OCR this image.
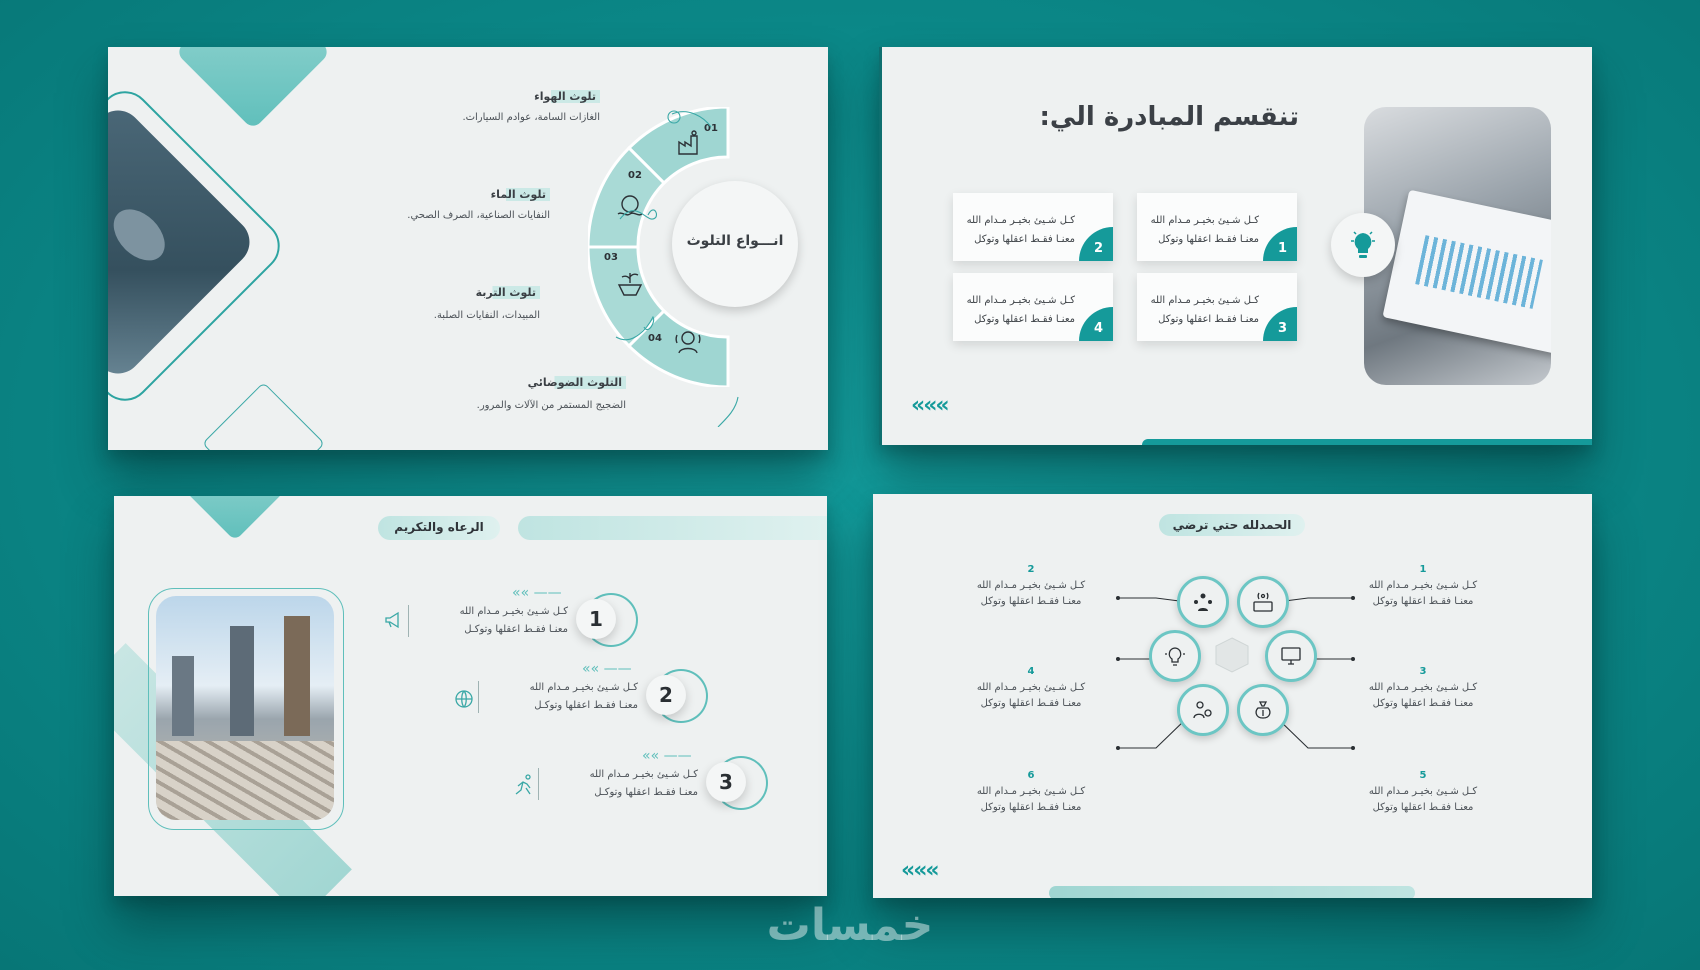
انـــواع التلوث
01
02
03
04
تلوث الهواء
الغازات السامة، عوادم السيارات.
تلوث الماء
النفايات الصناعية، الصرف الصحي.
تلوث التربة
المبيدات، النفايات الصلبة.
التلوث الضوضائي
الضجيج المستمر من الآلات والمرور.
تنقسم المبادرة الي:
كـل شـيئ بخيـر مـدام الله
معنـا فقـط اعقلها وتوكل
1
كـل شـيئ بخيـر مـدام الله
معنـا فقـط اعقلها وتوكل
2
كـل شـيئ بخيـر مـدام الله
معنـا فقـط اعقلها وتوكل
3
كـل شـيئ بخيـر مـدام الله
معنـا فقـط اعقلها وتوكل
4
«««
الرعاه والتكريم
1
«« ——
كـل شـيئ بخيـر مـدام الله
معنـا فقـط اعقلها وتوكـل
2
«« ——
كـل شـيئ بخيـر مـدام الله
معنـا فقـط اعقلها وتوكـل
3
«« ——
كـل شـيئ بخيـر مـدام الله
معنـا فقـط اعقلها وتوكـل
الحمدلله حتي ترضي
1
كـل شـيئ بخيـر مـدام الله
معنـا فقـط اعقلها وتوكل
3
كـل شـيئ بخيـر مـدام الله
معنـا فقـط اعقلها وتوكل
5
كـل شـيئ بخيـر مـدام الله
معنـا فقـط اعقلها وتوكل
2
كـل شـيئ بخيـر مـدام الله
معنـا فقـط اعقلها وتوكل
4
كـل شـيئ بخيـر مـدام الله
معنـا فقـط اعقلها وتوكل
6
كـل شـيئ بخيـر مـدام الله
معنـا فقـط اعقلها وتوكل
«««
خمسات
